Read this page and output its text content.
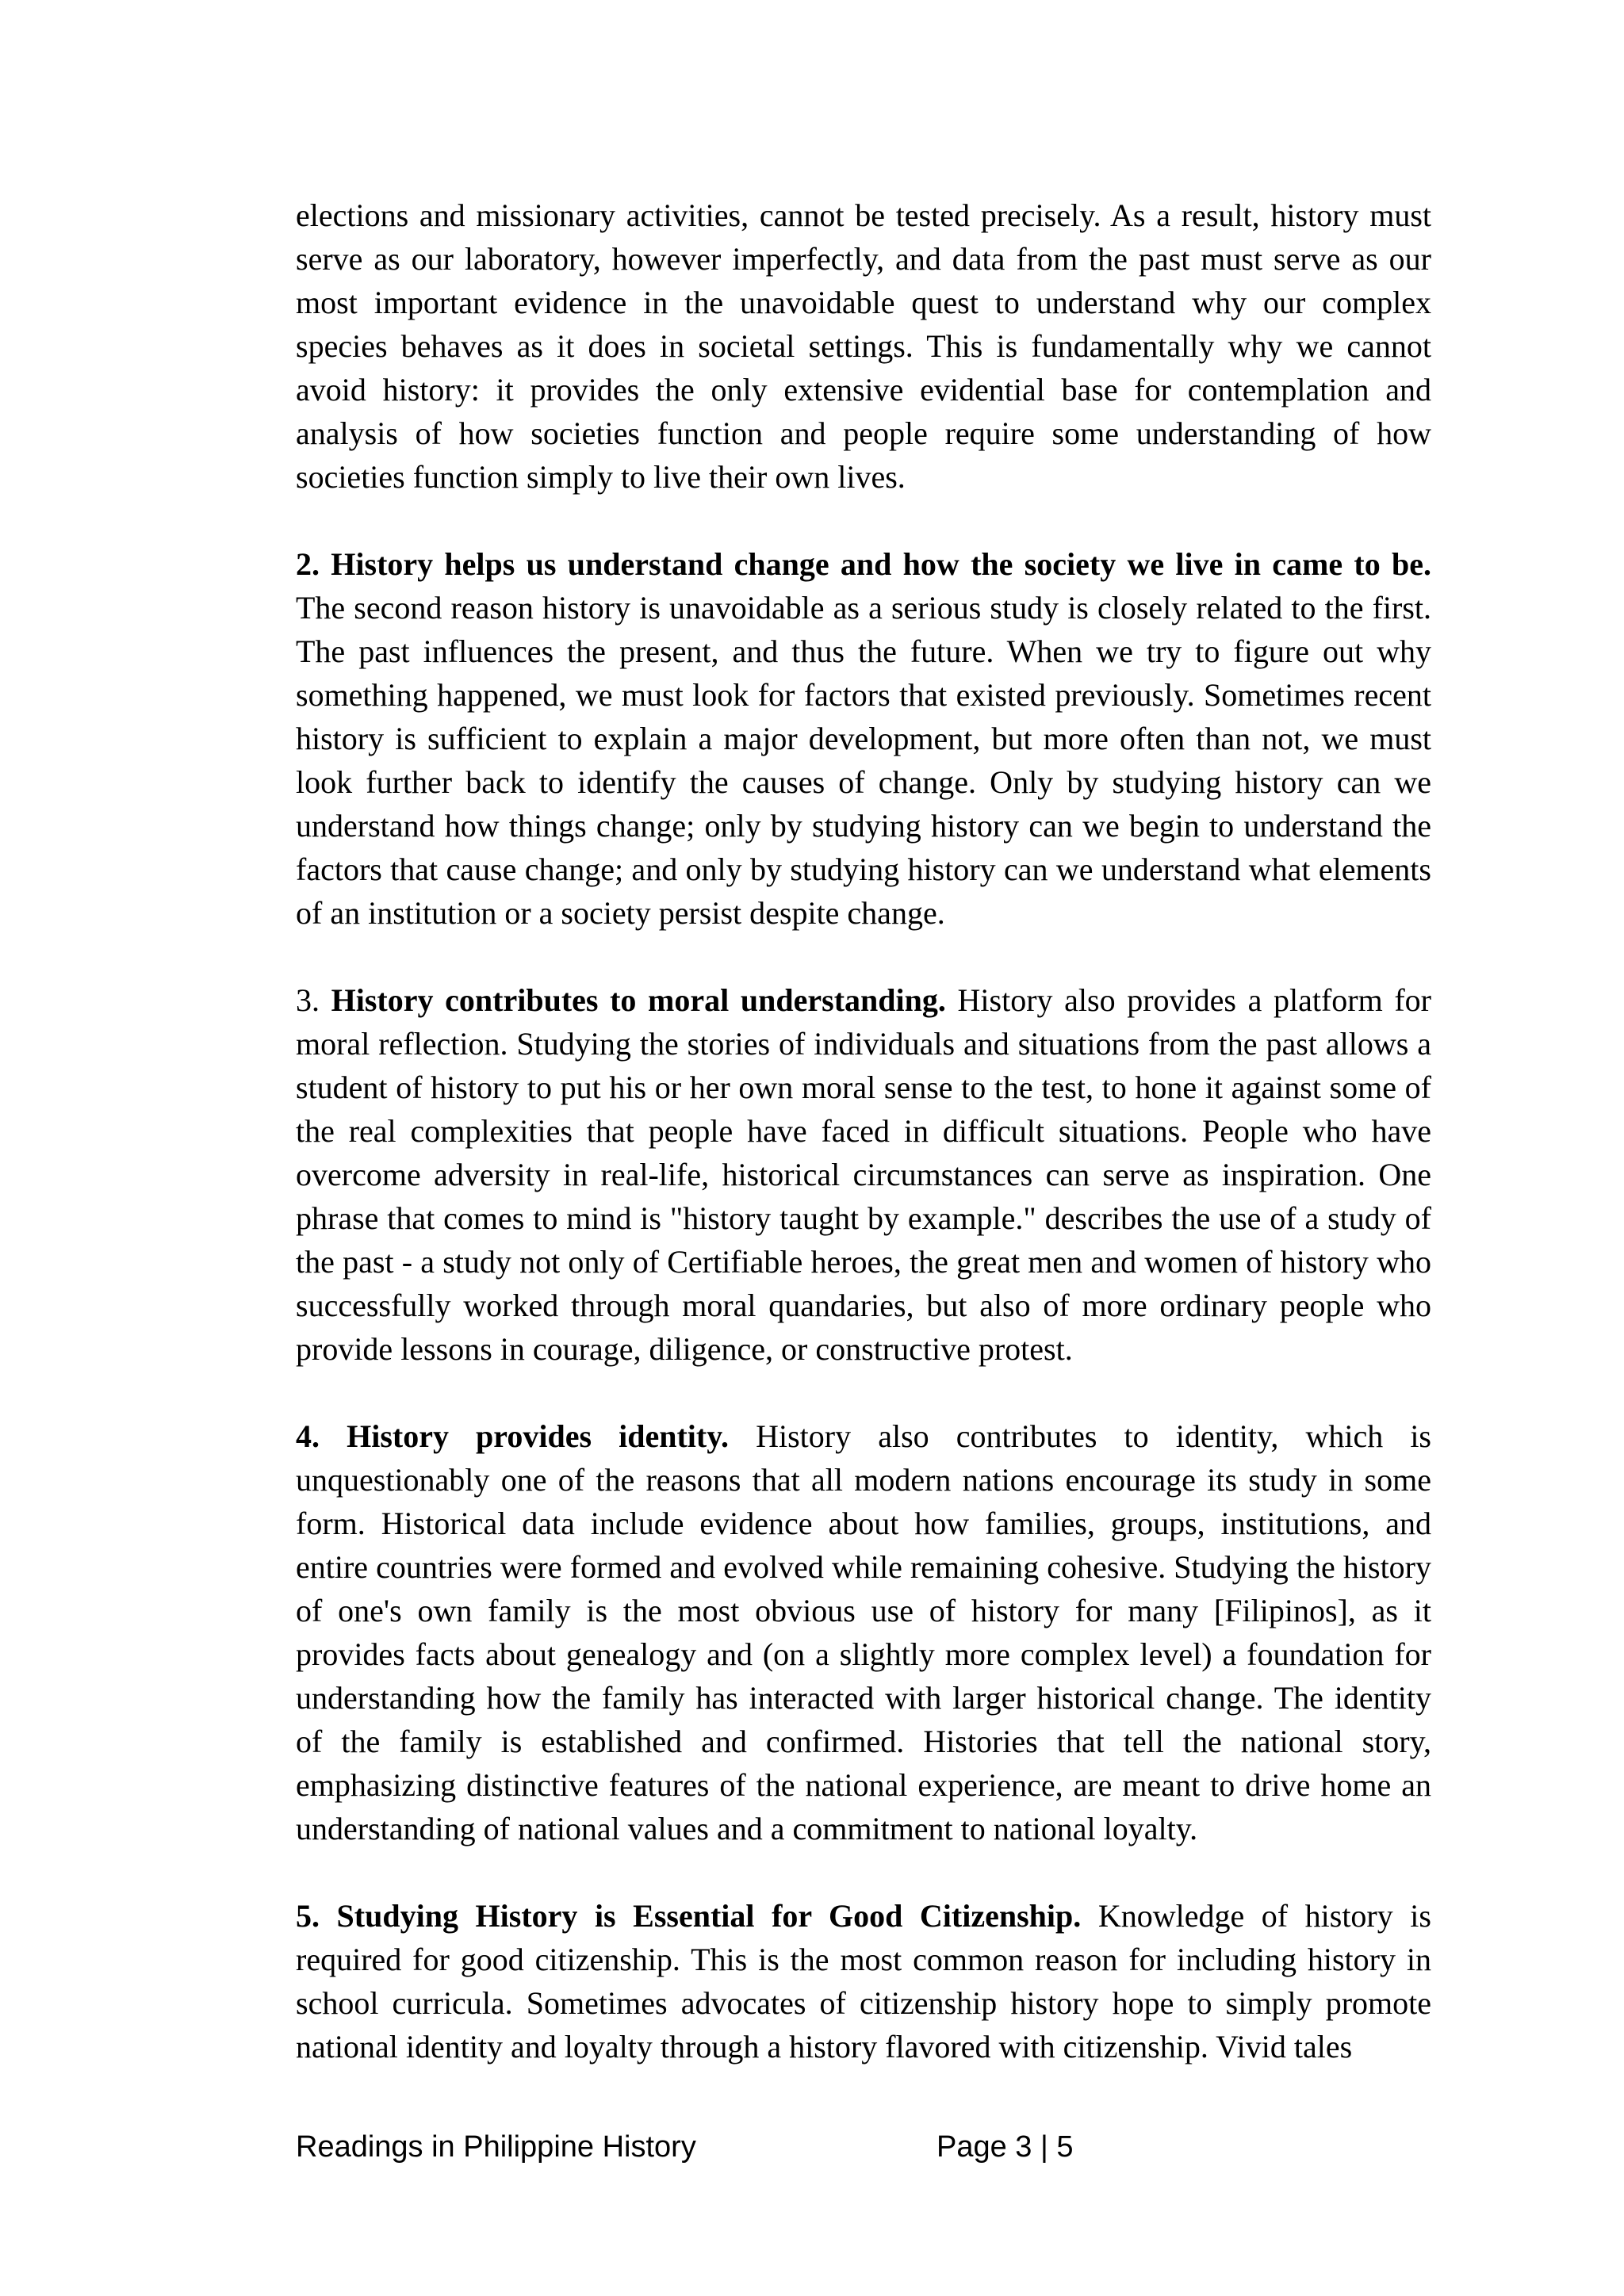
elections and missionary activities, cannot be tested precisely. As a result, history must serve as our laboratory, however imperfectly, and data from the past must serve as our most important evidence in the unavoidable quest to understand why our complex species behaves as it does in societal settings. This is fundamentally why we cannot avoid history: it provides the only extensive evidential base for contemplation and analysis of how societies function and people require some understanding of how societies function simply to live their own lives.

2. History helps us understand change and how the society we live in came to be. The second reason history is unavoidable as a serious study is closely related to the first. The past influences the present, and thus the future. When we try to figure out why something happened, we must look for factors that existed previously. Sometimes recent history is sufficient to explain a major development, but more often than not, we must look further back to identify the causes of change. Only by studying history can we understand how things change; only by studying history can we begin to understand the factors that cause change; and only by studying history can we understand what elements of an institution or a society persist despite change.

3. History contributes to moral understanding. History also provides a platform for moral reflection. Studying the stories of individuals and situations from the past allows a student of history to put his or her own moral sense to the test, to hone it against some of the real complexities that people have faced in difficult situations. People who have overcome adversity in real-life, historical circumstances can serve as inspiration. One phrase that comes to mind is "history taught by example." describes the use of a study of the past - a study not only of Certifiable heroes, the great men and women of history who successfully worked through moral quandaries, but also of more ordinary people who provide lessons in courage, diligence, or constructive protest.

4. History provides identity. History also contributes to identity, which is unquestionably one of the reasons that all modern nations encourage its study in some form. Historical data include evidence about how families, groups, institutions, and entire countries were formed and evolved while remaining cohesive. Studying the history of one's own family is the most obvious use of history for many [Filipinos], as it provides facts about genealogy and (on a slightly more complex level) a foundation for understanding how the family has interacted with larger historical change. The identity of the family is established and confirmed. Histories that tell the national story, emphasizing distinctive features of the national experience, are meant to drive home an understanding of national values and a commitment to national loyalty.

5. Studying History is Essential for Good Citizenship. Knowledge of history is required for good citizenship. This is the most common reason for including history in school curricula. Sometimes advocates of citizenship history hope to simply promote national identity and loyalty through a history flavored with citizenship. Vivid tales

Readings in Philippine History	Page 3 | 5
